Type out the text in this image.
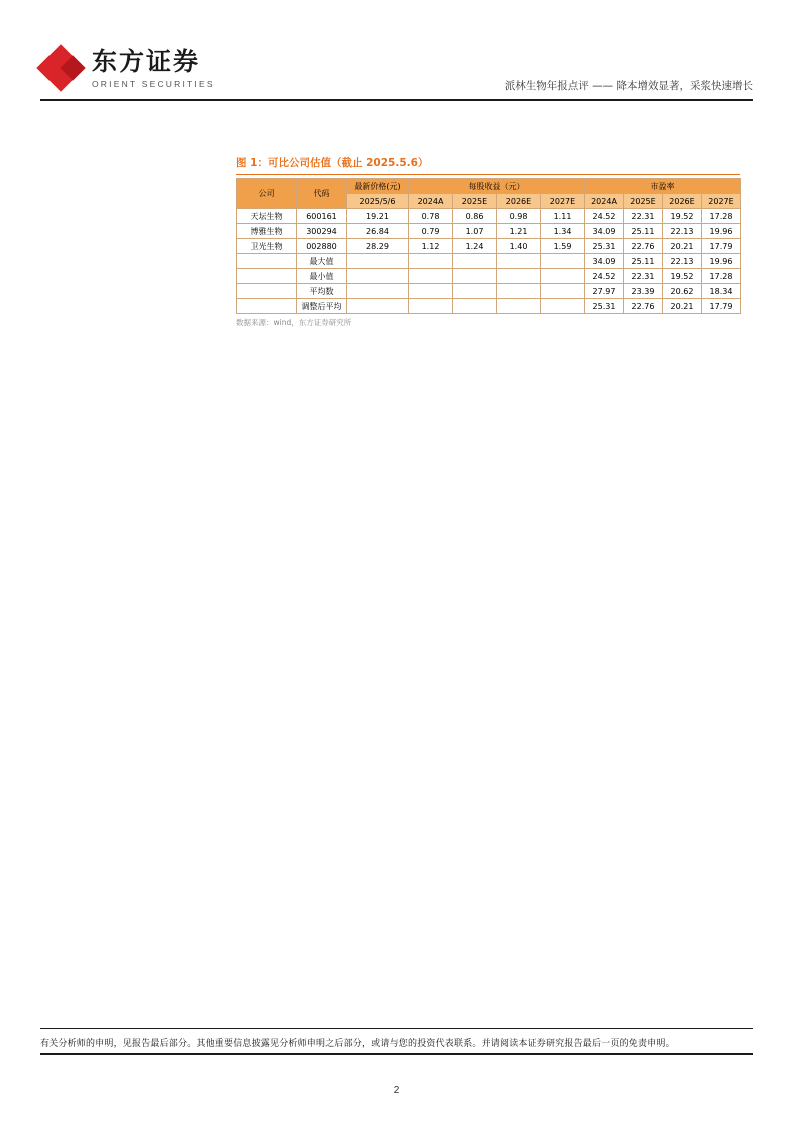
东方证券
ORIENT SECURITIES	派林生物年报点评 —— 降本增效显著，采浆快速增长
图 1：可比公司估值（截止 2025.5.6）
公司	代码	最新价格(元)	每股收益（元）				市盈率			
		2025/5/6	2024A	2025E	2026E	2027E	2024A	2025E	2026E	2027E
天坛生物	600161	19.21	0.78	0.86	0.98	1.11	24.52	22.31	19.52	17.28
博雅生物	300294	26.84	0.79	1.07	1.21	1.34	34.09	25.11	22.13	19.96
卫光生物	002880	28.29	1.12	1.24	1.40	1.59	25.31	22.76	20.21	17.79
	最大值						34.09	25.11	22.13	19.96
	最小值						24.52	22.31	19.52	17.28
	平均数						27.97	23.39	20.62	18.34
	调整后平均						25.31	22.76	20.21	17.79
数据来源：wind，东方证券研究所
有关分析师的申明，见报告最后部分。其他重要信息披露见分析师申明之后部分，或请与您的投资代表联系。并请阅读本证券研究报告最后一页的免责申明。
2
